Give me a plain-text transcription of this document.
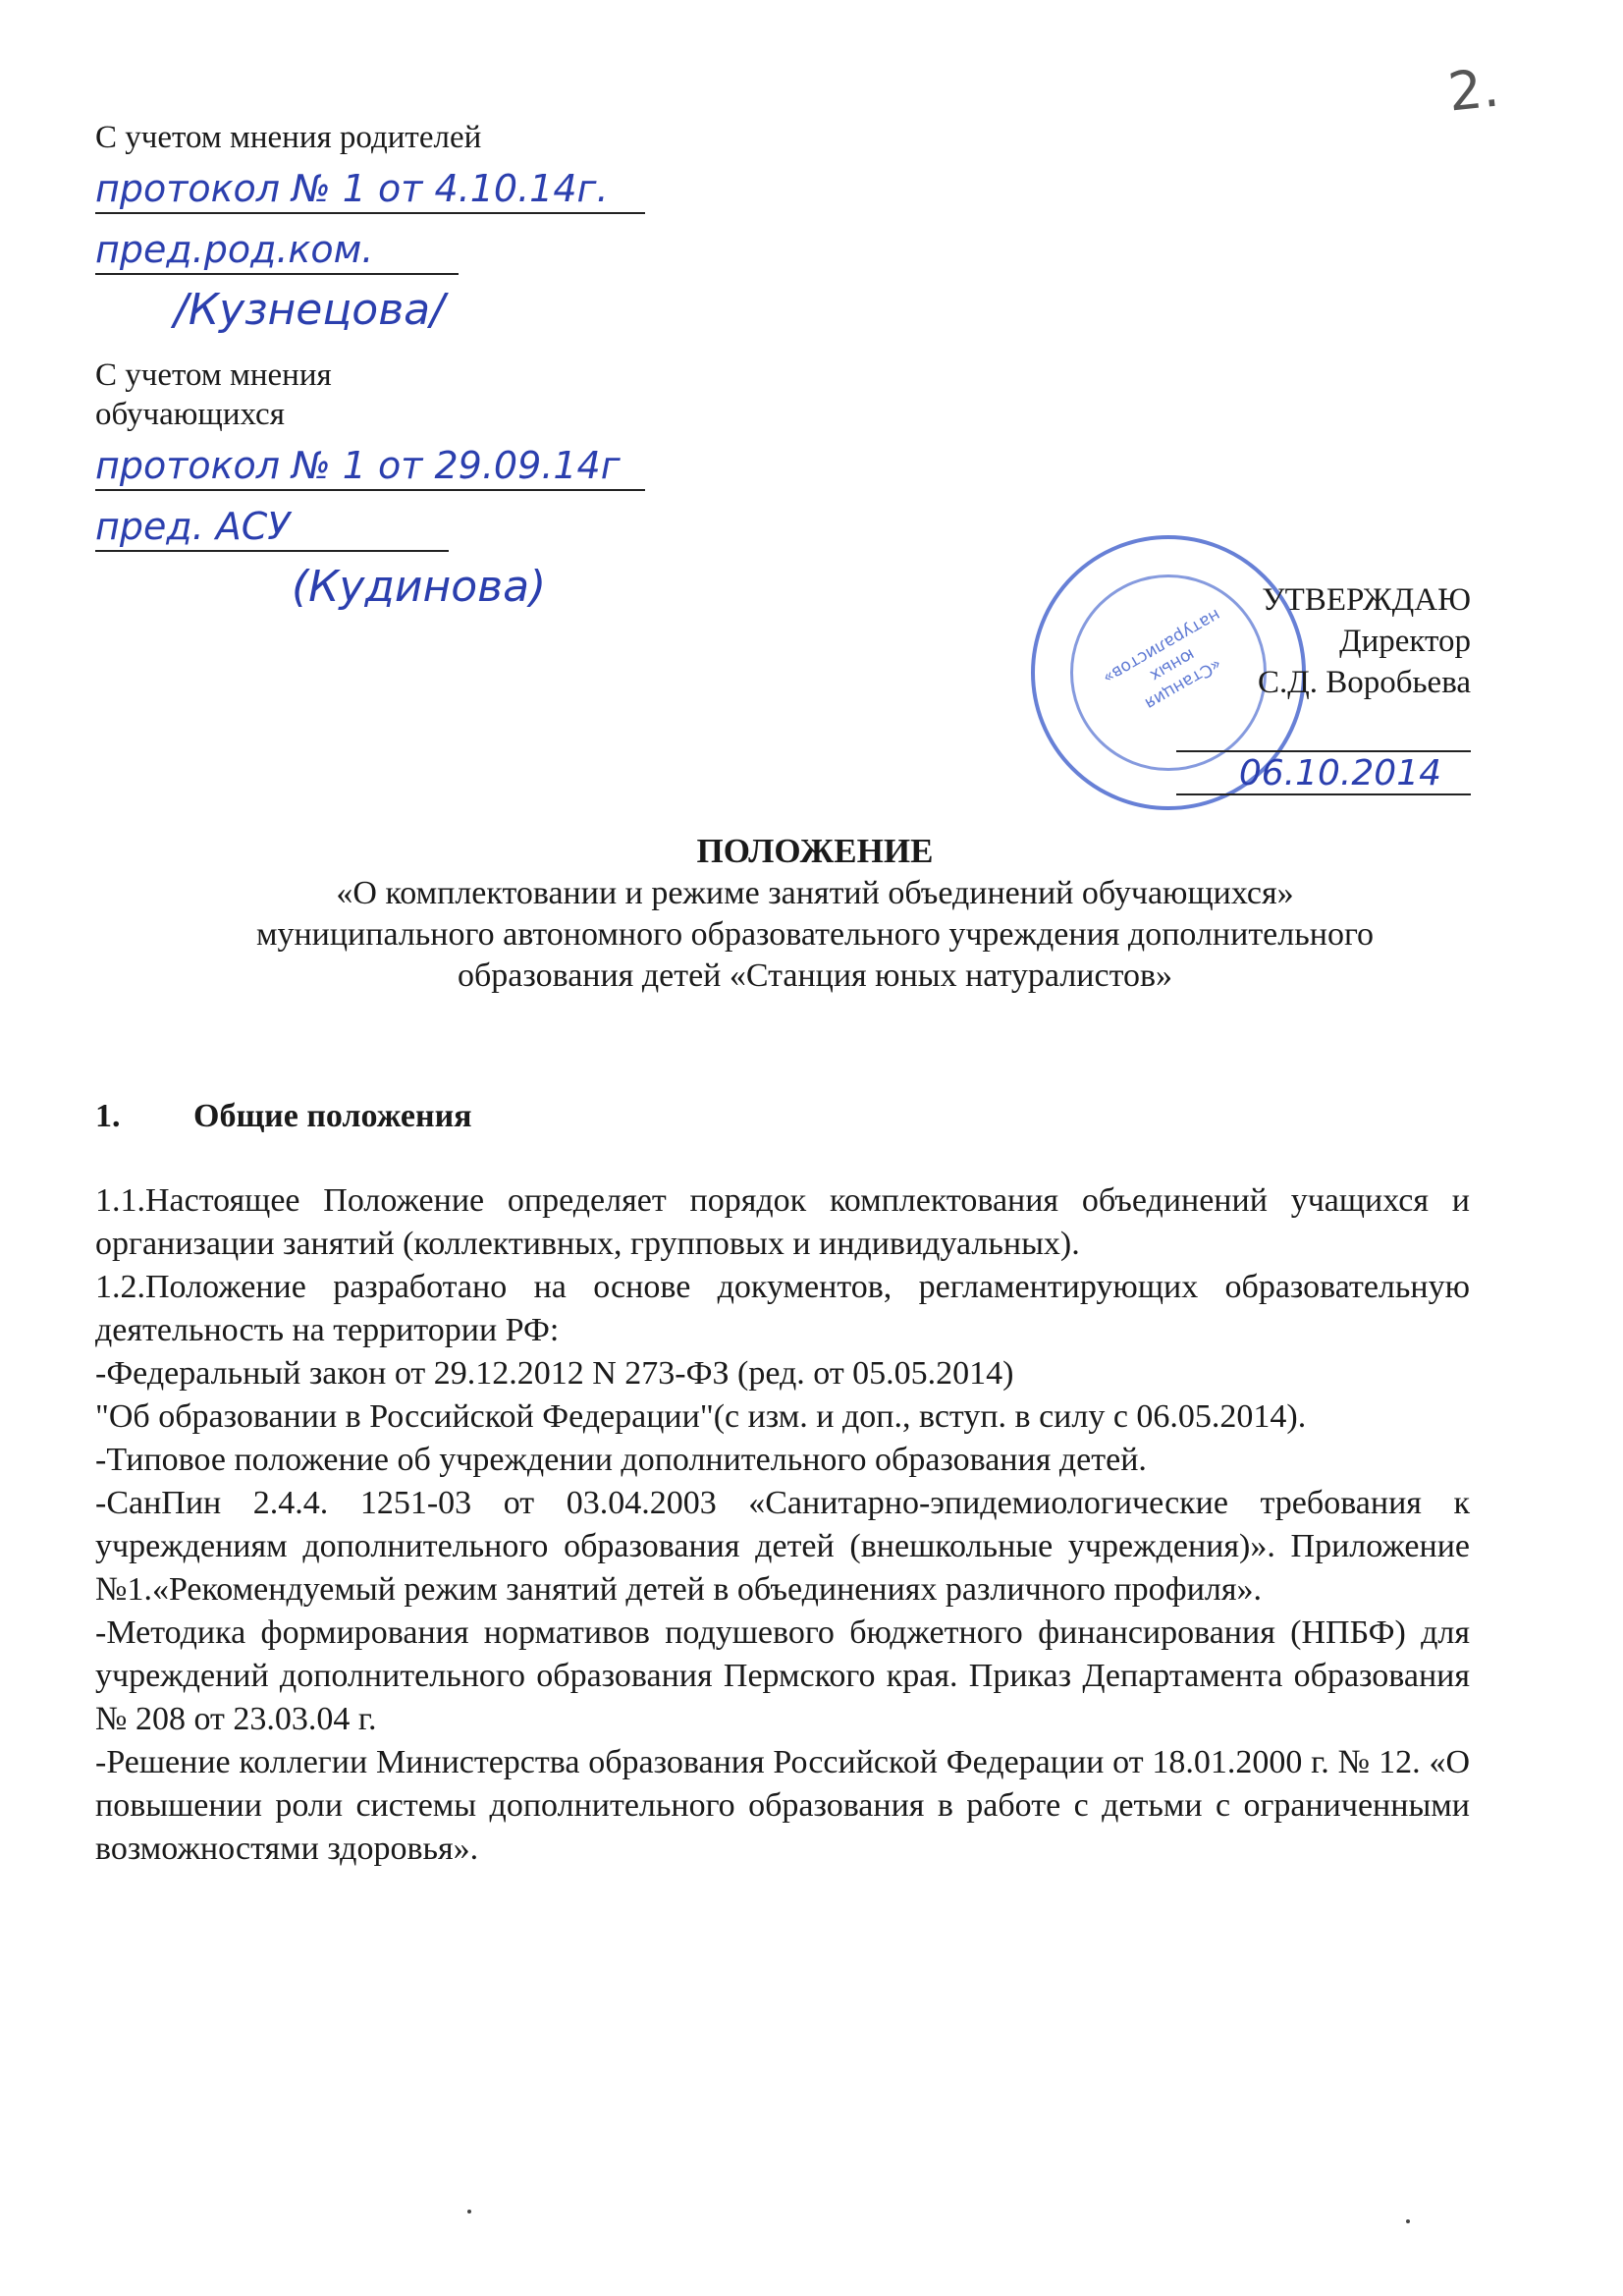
2.
С учетом мнения родителей
протокол № 1 от 4.10.14г.
пред.род.ком.
/Кузнецова/
С учетом мнения
обучающихся
протокол № 1 от 29.09.14г
пред. АСУ
(Кудинова)
«Станция юных натуралистов»
УТВЕРЖДАЮ
Директор
С.Д. Воробьева
06.10.2014
ПОЛОЖЕНИЕ
«О комплектовании и режиме занятий объединений обучающихся»
муниципального автономного образовательного учреждения дополнительного
образования детей «Станция юных натуралистов»
1. Общие положения

1.1.Настоящее Положение определяет порядок комплектования объединений учащихся и организации занятий (коллективных, групповых и индивидуальных).

1.2.Положение разработано на основе документов, регламентирующих образовательную деятельность на территории РФ:

-Федеральный закон от 29.12.2012 N 273-ФЗ (ред. от 05.05.2014)

"Об образовании в Российской Федерации"(с изм. и доп., вступ. в силу с 06.05.2014).

-Типовое положение об учреждении дополнительного образования детей.

-СанПин 2.4.4. 1251-03 от 03.04.2003 «Санитарно-эпидемиологические требования к учреждениям дополнительного образования детей (внешкольные учреждения)». Приложение №1.«Рекомендуемый режим занятий детей в объединениях различного профиля».

-Методика формирования нормативов подушевого бюджетного финансирования (НПБФ) для учреждений дополнительного образования Пермского края. Приказ Департамента образования № 208 от 23.03.04 г.

-Решение коллегии Министерства образования Российской Федерации от 18.01.2000 г. № 12. «О повышении роли системы дополнительного образования в работе с детьми с ограниченными возможностями здоровья».
